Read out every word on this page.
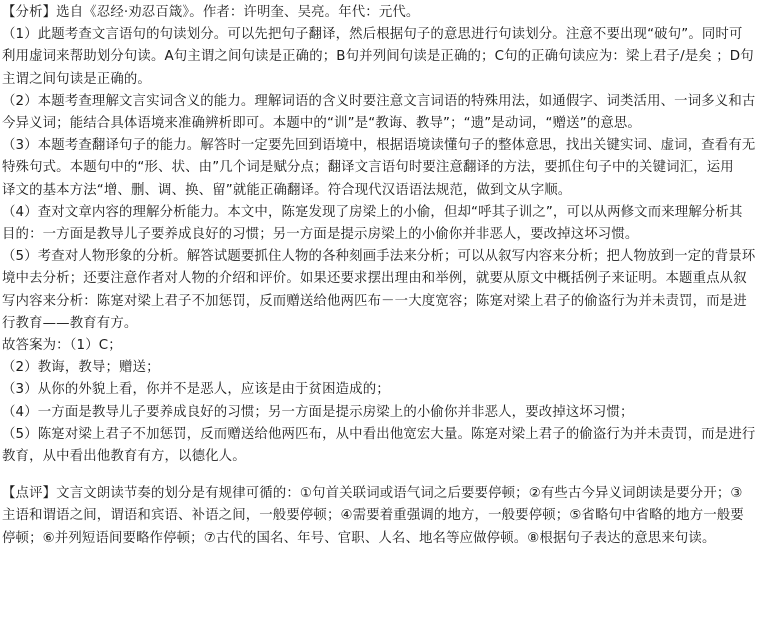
【分析】选自《忍经·劝忍百箴》。作者：许明奎、吴亮。年代：元代。
（1）此题考查文言语句的句读划分。可以先把句子翻译，然后根据句子的意思进行句读划分。注意不要出现“破句”。同时可
利用虚词来帮助划分句读。A句主谓之间句读是正确的；B句并列间句读是正确的；C句的正确句读应为：梁上君子/是矣 ；D句
主谓之间句读是正确的。
（2）本题考查理解文言实词含义的能力。理解词语的含义时要注意文言词语的特殊用法，如通假字、词类活用、一词多义和古
今异义词；能结合具体语境来准确辨析即可。本题中的“训”是“教诲、教导”；“遗”是动词，“赠送”的意思。
（3）本题考查翻译句子的能力。解答时一定要先回到语境中，根据语境读懂句子的整体意思，找出关键实词、虚词，查看有无
特殊句式。本题句中的“形、状、由”几个词是赋分点；翻译文言语句时要注意翻译的方法，要抓住句子中的关键词汇，运用
译文的基本方法“增、删、调、换、留”就能正确翻译。符合现代汉语语法规范，做到文从字顺。
（4）查对文章内容的理解分析能力。本文中，陈寔发现了房梁上的小偷，但却“呼其子训之”，可以从两修文而来理解分析其
目的：一方面是教导儿子要养成良好的习惯；另一方面是提示房梁上的小偷你并非恶人，要改掉这坏习惯。
（5）考查对人物形象的分析。解答试题要抓住人物的各种刻画手法来分析；可以从叙写内容来分析；把人物放到一定的背景环
境中去分析；还要注意作者对人物的介绍和评价。如果还要求摆出理由和举例，就要从原文中概括例子来证明。本题重点从叙
写内容来分析：陈寔对梁上君子不加惩罚，反而赠送给他两匹布－一大度宽容；陈寔对梁上君子的偷盗行为并未责罚，而是进
行教育——教育有方。
故答案为：（1）C；
（2）教诲，教导；赠送；
（3）从你的外貌上看，你并不是恶人，应该是由于贫困造成的；
（4）一方面是教导儿子要养成良好的习惯；另一方面是提示房梁上的小偷你并非恶人，要改掉这坏习惯；
（5）陈寔对梁上君子不加惩罚，反而赠送给他两匹布，从中看出他宽宏大量。陈寔对梁上君子的偷盗行为并未责罚，而是进行
教育，从中看出他教育有方，以德化人。
【点评】文言文朗读节奏的划分是有规律可循的：①句首关联词或语气词之后要要停顿；②有些古今异义词朗读是要分开；③
主语和谓语之间，谓语和宾语、补语之间，一般要停顿；④需要着重强调的地方，一般要停顿；⑤省略句中省略的地方一般要
停顿；⑥并列短语间要略作停顿；⑦古代的国名、年号、官职、人名、地名等应做停顿。⑧根据句子表达的意思来句读。
